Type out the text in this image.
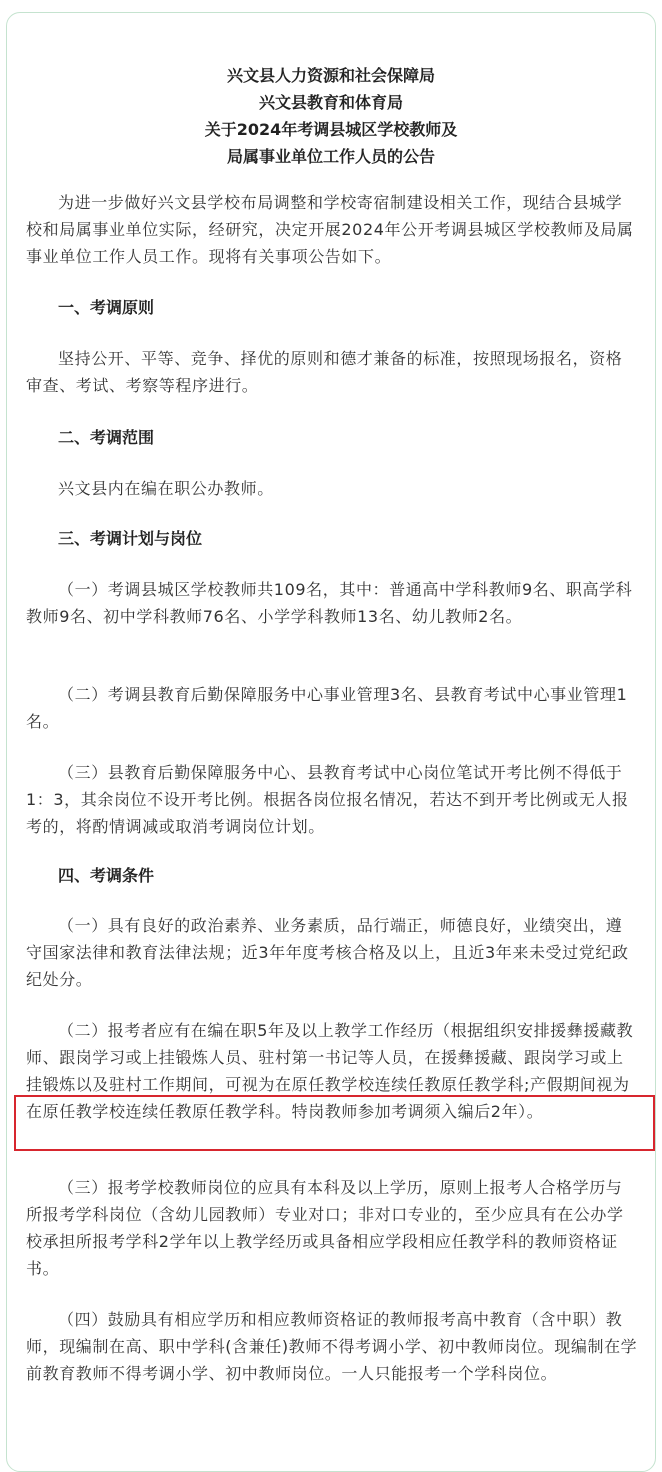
兴文县人力资源和社会保障局
兴文县教育和体育局
关于2024年考调县城区学校教师及
局属事业单位工作人员的公告

为进一步做好兴文县学校布局调整和学校寄宿制建设相关工作，现结合县城学校和局属事业单位实际，经研究，决定开展2024年公开考调县城区学校教师及局属事业单位工作人员工作。现将有关事项公告如下。

一、考调原则

坚持公开、平等、竞争、择优的原则和德才兼备的标准，按照现场报名，资格审查、考试、考察等程序进行。

二、考调范围

兴文县内在编在职公办教师。

三、考调计划与岗位

（一）考调县城区学校教师共109名，其中：普通高中学科教师9名、职高学科教师9名、初中学科教师76名、小学学科教师13名、幼儿教师2名。

（二）考调县教育后勤保障服务中心事业管理3名、县教育考试中心事业管理1名。

（三）县教育后勤保障服务中心、县教育考试中心岗位笔试开考比例不得低于1：3，其余岗位不设开考比例。根据各岗位报名情况，若达不到开考比例或无人报考的，将酌情调减或取消考调岗位计划。

四、考调条件

（一）具有良好的政治素养、业务素质，品行端正，师德良好，业绩突出，遵守国家法律和教育法律法规；近3年年度考核合格及以上，且近3年来未受过党纪政纪处分。

（二）报考者应有在编在职5年及以上教学工作经历（根据组织安排援彝援藏教师、跟岗学习或上挂锻炼人员、驻村第一书记等人员，在援彝援藏、跟岗学习或上挂锻炼以及驻村工作期间，可视为在原任教学校连续任教原任教学科;产假期间视为在原任教学校连续任教原任教学科。特岗教师参加考调须入编后2年）。

（三）报考学校教师岗位的应具有本科及以上学历，原则上报考人合格学历与所报考学科岗位（含幼儿园教师）专业对口；非对口专业的，至少应具有在公办学校承担所报考学科2学年以上教学经历或具备相应学段相应任教学科的教师资格证书。

（四）鼓励具有相应学历和相应教师资格证的教师报考高中教育（含中职）教师，现编制在高、职中学科(含兼任)教师不得考调小学、初中教师岗位。现编制在学前教育教师不得考调小学、初中教师岗位。一人只能报考一个学科岗位。
